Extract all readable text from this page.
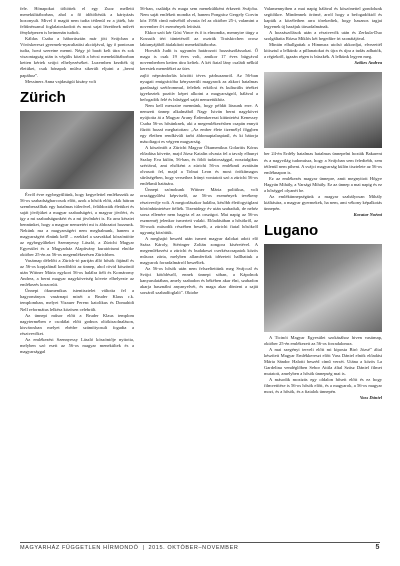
fele. Hónapokat töltöttek el egy Zuoz melletti menekülttáborban, ahol a fő időtöltésük a kártyázás hozonyult. Mivel ő magát nem tudta tétlenül ez a játék, bár feltűnéssanul foglalatoskodott és most sajat lézetőnek művét fényképezen is betmenán tudtok.

Káldas Csaba a háborúsztán már jött Svájcban a Vöröskereszt gyermek-nyaraltatási akciójával, így ő pontosan tudta, hová szeretne menni. Négy jó barát kelt útra és sok viszontagság után is végülis közölt a bécsi menekülttáborban ketten kértek svájci elhelyezéséket. Luzernben kezdték új életüket, csak hónapok múlva sikerült eljutni a „berni papához”.

Messiners Anna vajdaságúi kisány volt

Zürich

Évről évre egybegyűltünk, hogy kegyelettel emlékezzük az 56-os szabadságharcosok előtt, azok a hősök előtt, akik hátran szembeszálltak egy hatalmas túlerővel, feláldozták életüket és saját jövőjüket a magyar szabadságért, a magyar jövőért, és így a mi szabadságunkért és a mi jövőnkért is. Ez arra késztet bennünket, hogy a magyar nemzetért mi is áldozatot hozzunk. Nekünk ma a magyarságért nem meghalnunk, hanem a magyarságért élnünk kell! – ezekkel a szavakkal köszöntötte az egybegyűlteket Szennyessy László, a Zürichi Magyar Egyesület és a Magyarház Alapítvány kuratóriumi elnöke október 25-én az 56-os megemlékezésen Zürichben.

Vasárnap délelőtt a Zürich-tó partján álló hősök fájánál és az 56-os kopjafánál kezdődött az ünnep, ahol rövid köszöntő után Wittner Mária egykori 56-os halálra ítélt és Kornáromy Andrea, a berni magyar nagykövetség követe elhelyezte az emlékezés koszorúit.

Ünnepi ökumenikus istentisztelet váltotta fel a hagyományos vasárnapi misét a Bruder Klaus r.k. templomban, melyet Vizauer Ferenc katolikus és Domahidi Nell református lelkész közösen celebrált.

Az ünnepi műsor előtt a Bruder Klaus templom nagytermében e csodálat előtt godnos oltókiszolnaláson, kisvárosban melyet ebédre számíttyosult fogadta a résztvevőket.

Az emlékezést Szennyessy László köszöntője nyitotta, melyben szó esett az 56-os magyar menekültek és a magyarsággal

56-ban, családja és maga sem menekültként érkezett Svájcba. Nem saját emlékeit mondta el, hanem Pongrácz Gergely Corvin köz 1956 című művéből olvasta fel az október 25-i, valamint a november 4-i események leírását.

Ekkor szót kér Gósi Vince és ő is elmondta, mennyire tárgy a Kossuth téri tüntetésről az osztrák Traiskirchen orosz laktanyájáből átalakított menekülttáborba.

Horváth Judit is ugyanón határozott hozzászólássokat. Ő maga is csak 19 éves volt, amikor 17 éves bügyával novemberben ketten útra keltek. A két fiatal lány családi nélkül kerestek menedéket az ütes

zajló népvándorlás közötti téves párhuzamról. Az 56-ban nyugati emigrációba kényszerült magyarok az akkori hatalmas gazdasági szétfrommul, feleltek erkölcsi és kulturális téréket igyekeztek pozitív képet alkotni a magyarságról, hálával a befogadók felé és hűséggel saját nemzetükhöz.

Nem kell messzire mennünk, hogy példát lássunk erre. A nemzeti ünnep alkalmából Nagy István berni nagykövet nyújtotta át a Magyar Arany Érdemkereszt kitüntetést Kenessey Csaba 56-os hősünknek, aki a megemlékezésben csapán ennyit fűzött hozzá meghatottan: „Az ember élete tizemélyl főggben egy életben rendkívüli tarbi áldomaptalaspiaúl, és ki bátorja másoltagot es végyen magyarság.

A köszöntőt a Zürichi Magyar Ökumenikus Golaritis Kórus előadása követte, majd Józsz Katalin olvasta fel a tavaly elhunyt Szalay Eva külön, 56-ban, és földi tudatossággal, nosztalgikus szériával, ami elsőként a zürichi 56-os emlékmű avatásán olvasott fel, majd a Tolnai Leon és most örökítmagos sűrűségében, hogy verseihez Irányt vontatott szó a zürichi 56-os emlékmű hatására.

Ünnepi szónokunk Wittner Mária politikus, volt országgyűlési képviselő, az 56-os események tevékeny résztvevője volt. A megtorlásakor halálra, később életfogytiglani börtönbüntetésre ítélték. Tizenidegy év után szabadult, de nehéz sorsa ellenére nem hagyta el az országot. Mai napig az 56-os eszmeméj jelenkor ismerteti valaki. Előadásában a hősökről, az 56-osok második részében beszélt, a zürichi fiatal hősökről ugyanig közöttük.

A meghajtó beszéd után ismert magyar dalokat adott elő Szász Károly, Stéringer Zoltán zongora kíséretével. A megemlékezést a zürichi és budakeszi cserkészcsapatok közös műsora zárta, melyben allamferfiak idézeteit hallhattuk a magyarok forradalmárról beszéltek.

Az 56-os hősök után nem felszeltettünk meg Svájccal és Svájci kötődésről, ennek ünnepi sóban, a Kápolnok kanyarulatában, amely szabadon és békében akar élni, szabadon akarja használni anyanyelvét, és maga akar dönteni a saját sorsáról szabadfoglaló". Oktobe

Valamennyiben a mai napig hálával és köszönettel gondolunk segítőikre. Mindennek örömé, arról hogy a befogadóktól és kapták a közéletben arra törekedtek, hogy hasznos tagjai legyenek új hazájuk társadalmának.

A hozzászólások után a résztvevők után és Zerkula-Duo szolgáltatta Rózsa Miklós két hegedűre írt szonátájával.

Mintán elhallgattak a Himnusz utolsó akkordjai, elvezettél kitisztul a lelkünk: a pillanatokat és újra és újra a tudás adhatók, a régiekről, igazán régen is büszkék. A lelkünk legyen meg.

Szőkes Andrea

ber 24-én Erdély hatalmas hatalmas ünnepelni hozták Bakarent és a nagyvilág tudomúsra, hogy a Svájcban sem feledtebb, sem tétlenül nem pihent. A svájci magyarság külön tisztelete az 56-os emléknapon is.

Ez az emlékezés magyar ünnepre, amit megnyitott Hőgye Hagyán Mihály, a Varsági Mihály. Ez az ünnep a mai napig és ez a hőséggel olyanét be.

Az emlékünnepségünk a magyar szabályosan Mihály kiáltására, a magyar gyermekek, ha nem, ami vékony képalkotás ünnepén.

Kovatar Noémi

Lugano

A Ticinói Magyar Egyesület szokásához hiven vasárnap, október 25-én emlékezett az 56-os forradalomra.

A mai szegényi terveli előtt mi kiposta Biró Józsé" által készített Magyar Emlékkereszt előtt Vass Dániel elnök előadást Mária Sándor Halotti beszéd című versét. Utána a közös La Gardelina vendéglőben Sebor Attila által Szász Dániel filmet mutatott, amelyben a hősök ünnepség mai is.

A második mozizás egy oldalon hőseit előtt és ez hogy filmvetítése is 56-os hősök előtt, és a magyarok, a 56-os magyar mozi, és a hősök, és a fiatalok ünnepén.

Vass Dániel

MAGYARHÁZ FÜGGETLEN HÍRMONDÓ | 2015. OKTÓBER–NOVEMBER	5
